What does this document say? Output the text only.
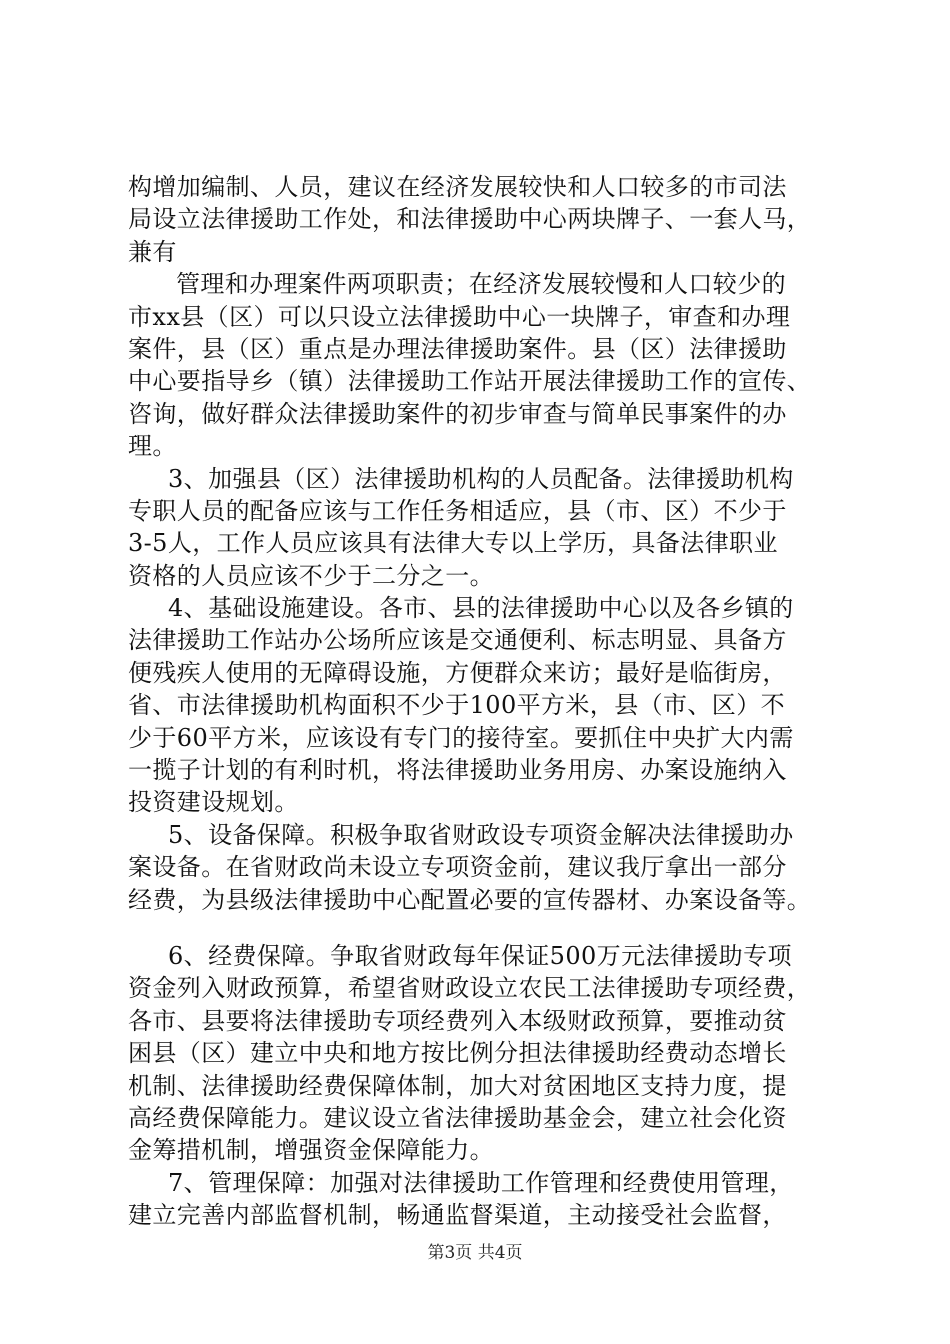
构增加编制、人员，建议在经济发展较快和人口较多的市司法
局设立法律援助工作处，和法律援助中心两块牌子、一套人马，
兼有
管理和办理案件两项职责；在经济发展较慢和人口较少的
市xx县（区）可以只设立法律援助中心一块牌子，审查和办理
案件，县（区）重点是办理法律援助案件。县（区）法律援助
中心要指导乡（镇）法律援助工作站开展法律援助工作的宣传、
咨询，做好群众法律援助案件的初步审查与简单民事案件的办
理。
3、加强县（区）法律援助机构的人员配备。法律援助机构
专职人员的配备应该与工作任务相适应，县（市、区）不少于
3-5人，工作人员应该具有法律大专以上学历，具备法律职业
资格的人员应该不少于二分之一。
4、基础设施建设。各市、县的法律援助中心以及各乡镇的
法律援助工作站办公场所应该是交通便利、标志明显、具备方
便残疾人使用的无障碍设施，方便群众来访；最好是临街房，
省、市法律援助机构面积不少于100平方米，县（市、区）不
少于60平方米，应该设有专门的接待室。要抓住中央扩大内需
一揽子计划的有利时机，将法律援助业务用房、办案设施纳入
投资建设规划。
5、设备保障。积极争取省财政设专项资金解决法律援助办
案设备。在省财政尚未设立专项资金前，建议我厅拿出一部分
经费，为县级法律援助中心配置必要的宣传器材、办案设备等。
6、经费保障。争取省财政每年保证500万元法律援助专项
资金列入财政预算，希望省财政设立农民工法律援助专项经费，
各市、县要将法律援助专项经费列入本级财政预算，要推动贫
困县（区）建立中央和地方按比例分担法律援助经费动态增长
机制、法律援助经费保障体制，加大对贫困地区支持力度，提
高经费保障能力。建议设立省法律援助基金会，建立社会化资
金筹措机制，增强资金保障能力。
7、管理保障：加强对法律援助工作管理和经费使用管理，
建立完善内部监督机制，畅通监督渠道，主动接受社会监督，
第3页 共4页
